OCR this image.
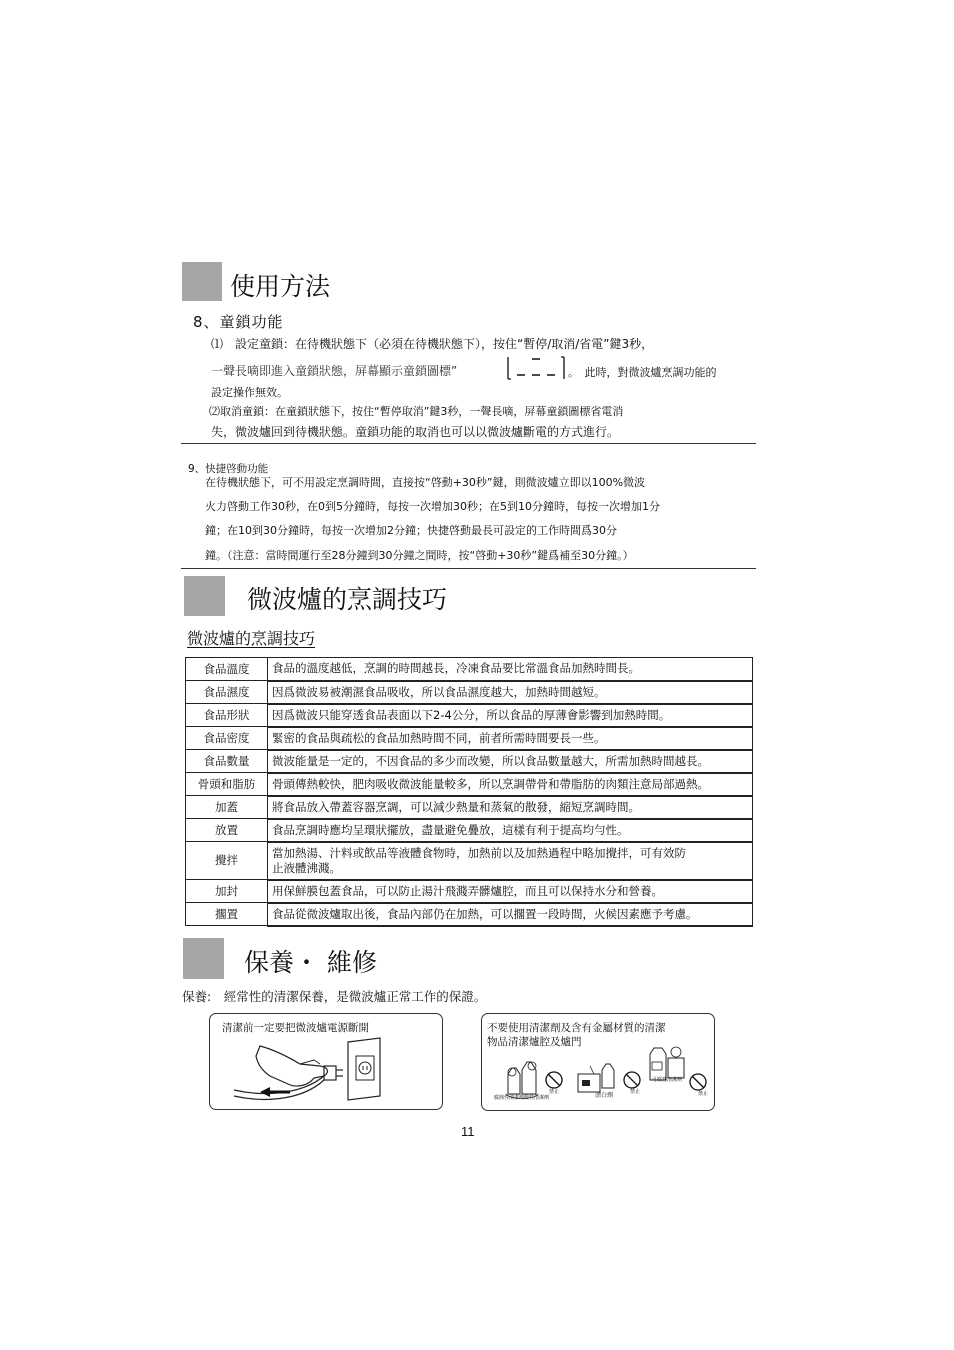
使用方法
8、童鎖功能
⑴　設定童鎖：在待機狀態下（必須在待機狀態下），按住“暫停/取消/省電”鍵3秒，
一聲長嘀即進入童鎖狀態，屏幕顯示童鎖圖標”	。　此時，對微波爐烹調功能的
設定操作無效。
⑵取消童鎖：在童鎖狀態下，按住“暫停取消”鍵3秒，一聲長嘀，屏幕童鎖圖標省電消
失，微波爐回到待機狀態。童鎖功能的取消也可以以微波爐斷電的方式進行。
9、快捷啓動功能
在待機狀態下，可不用設定烹調時間，直接按“啓動+30秒”鍵，則微波爐立即以100%微波
火力啓動工作30秒，在0到5分鐘時，每按一次增加30秒；在5到10分鐘時，每按一次增加1分
鐘；在10到30分鐘時，每按一次增加2分鐘；快捷啓動最長可設定的工作時間爲30分
鐘。（注意：當時間運行至28分鐘到30分鐘之間時，按“啓動+30秒”鍵爲補至30分鐘。）
微波爐的烹調技巧
微波爐的烹調技巧
食品溫度	食品的溫度越低，烹調的時間越長，冷凍食品要比常溫食品加熱時間長。

食品濕度	因爲微波易被潮濕食品吸收，所以食品濕度越大，加熱時間越短。

食品形狀	因爲微波只能穿透食品表面以下2-4公分，所以食品的厚薄會影響到加熱時間。

食品密度	緊密的食品與疏松的食品加熱時間不同，前者所需時間要長一些。

食品數量	微波能量是一定的，不因食品的多少而改變，所以食品數量越大，所需加熱時間越長。

骨頭和脂肪	骨頭傳熱較快，肥肉吸收微波能量較多，所以烹調帶骨和帶脂肪的肉類注意局部過熱。

加蓋	將食品放入帶蓋容器烹調，可以減少熱量和蒸氣的散發，縮短烹調時間。

放置	食品烹調時應均呈環狀擺放，盡量避免疊放，這樣有利于提高均勻性。

攪拌	當加熱湯、汁料或飲品等液體食物時，加熱前以及加熱過程中略加攪拌，可有效防
止液體沸濺。

加封	用保鮮膜包蓋食品，可以防止湯汁飛濺弄髒爐腔，而且可以保持水分和營養。

擱置	食品從微波爐取出後，食品內部仍在加熱，可以擱置一段時間，火候因素應予考慮。
保養・ 維修
保養:　經常性的清潔保養，是微波爐正常工作的保證。
清潔前一定要把微波爐電源斷開	不要使用清潔劑及含有金屬材質的清潔
物品清潔爐腔及爐門
腐蝕性清潔劑 酸性清潔劑
禁止	漂白劑	禁止
可腐性清潔劑
禁止
11
